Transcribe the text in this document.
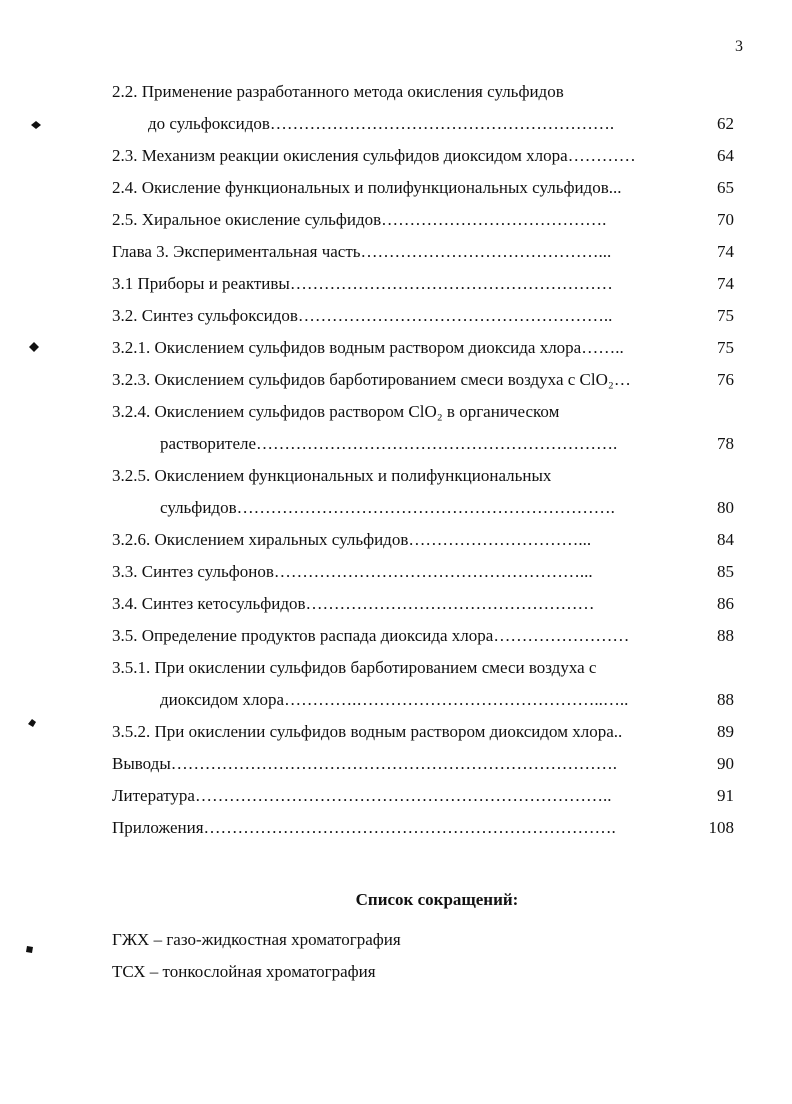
3
2.2. Применение разработанного метода окисления сульфидов
до сульфоксидов…………………………………………………….	62
2.3. Механизм реакции окисления сульфидов диоксидом хлора…………	64
2.4. Окисление функциональных и полифункциональных сульфидов...	65
2.5. Хиральное окисление сульфидов………………………………….	70
Глава 3. Экспериментальная часть……………………………………...	74
3.1 Приборы и реактивы…………………………………………………	74
3.2. Синтез сульфоксидов………………………………………………..	75
3.2.1. Окислением сульфидов водным раствором диоксида хлора……..	75
3.2.3. Окислением сульфидов барботированием смеси воздуха с ClO₂…	76
3.2.4. Окислением сульфидов раствором ClO₂ в органическом
растворителе……………………………………………………….	78
3.2.5. Окислением функциональных и полифункциональных
сульфидов………………………………………………………….	80
3.2.6. Окислением хиральных сульфидов…………………………...	84
3.3. Синтез сульфонов………………………………………………...	85
3.4. Синтез кетосульфидов……………………………………………	86
3.5. Определение продуктов распада диоксида хлора……………………	88
3.5.1. При окислении сульфидов барботированием смеси воздуха с
диоксидом хлора………….……………………………………..…..	88
3.5.2. При окислении сульфидов водным раствором диоксидом хлора..	89
Выводы…………………………………………………………………….	90
Литература………………………………………………………………..	91
Приложения……………………………………………………………….	108
Список сокращений:
ГЖХ – газо-жидкостная хроматография
ТСХ – тонкослойная хроматография
